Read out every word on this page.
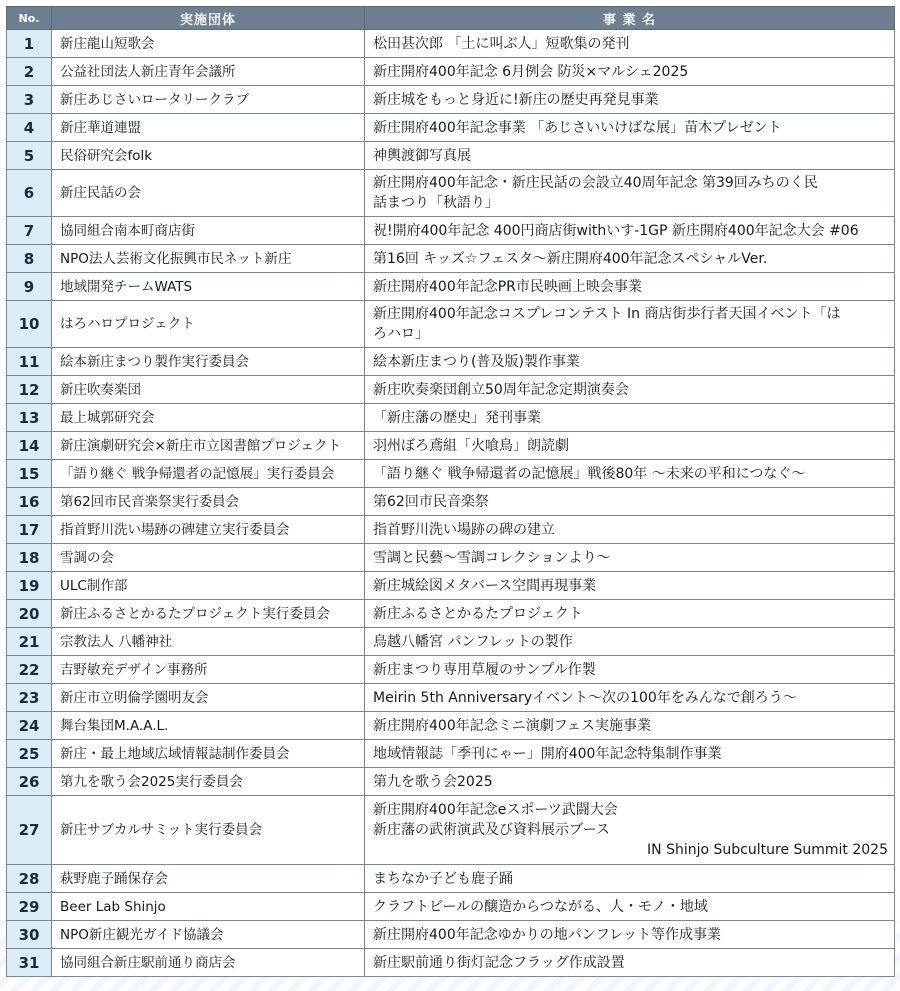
No.	実施団体	事 業 名
1	新庄龍山短歌会	松田甚次郎 「土に叫ぶ人」短歌集の発刊

2	公益社団法人新庄青年会議所	新庄開府400年記念 6月例会 防災×マルシェ2025

3	新庄あじさいロータリークラブ	新庄城をもっと身近に!新庄の歴史再発見事業

4	新庄華道連盟	新庄開府400年記念事業 「あじさいいけばな展」苗木プレゼント

5	民俗研究会folk	神輿渡御写真展

6	新庄民話の会	新庄開府400年記念・新庄民話の会設立40周年記念 第39回みちのく民
話まつり「秋語り」

7	協同組合南本町商店街	祝!開府400年記念 400円商店街withいす-1GP 新庄開府400年記念大会 #06

8	NPO法人芸術文化振興市民ネット新庄	第16回 キッズ☆フェスタ～新庄開府400年記念スペシャルVer.

9	地域開発チームWATS	新庄開府400年記念PR市民映画上映会事業

10	はろハロプロジェクト	新庄開府400年記念コスプレコンテスト In 商店街歩行者天国イベント「は
ろハロ」

11	絵本新庄まつり製作実行委員会	絵本新庄まつり(普及版)製作事業

12	新庄吹奏楽団	新庄吹奏楽団創立50周年記念定期演奏会

13	最上城郭研究会	「新庄藩の歴史」発刊事業

14	新庄演劇研究会×新庄市立図書館プロジェクト	羽州ぼろ鳶組「火喰鳥」朗読劇

15	「語り継ぐ 戦争帰還者の記憶展」実行委員会	「語り継ぐ 戦争帰還者の記憶展」戦後80年 ～未来の平和につなぐ～

16	第62回市民音楽祭実行委員会	第62回市民音楽祭

17	指首野川洗い場跡の碑建立実行委員会	指首野川洗い場跡の碑の建立

18	雪調の会	雪調と民藝～雪調コレクションより～

19	ULC制作部	新庄城絵図メタバース空間再現事業

20	新庄ふるさとかるたプロジェクト実行委員会	新庄ふるさとかるたプロジェクト

21	宗教法人 八幡神社	鳥越八幡宮 パンフレットの製作

22	吉野敏充デザイン事務所	新庄まつり専用草履のサンプル作製

23	新庄市立明倫学園明友会	Meirin 5th Anniversaryイベント～次の100年をみんなで創ろう～

24	舞台集団M.A.A.L.	新庄開府400年記念ミニ演劇フェス実施事業

25	新庄・最上地域広域情報誌制作委員会	地域情報誌「季刊にゃー」開府400年記念特集制作事業

26	第九を歌う会2025実行委員会	第九を歌う会2025

27	新庄サブカルサミット実行委員会	新庄開府400年記念eスポーツ武闘大会
新庄藩の武術演武及び資料展示ブース
IN Shinjo Subculture Summit 2025

28	萩野鹿子踊保存会	まちなか子ども鹿子踊

29	Beer Lab Shinjo	クラフトビールの醸造からつながる、人・モノ・地域

30	NPO新庄観光ガイド協議会	新庄開府400年記念ゆかりの地パンフレット等作成事業

31	協同組合新庄駅前通り商店会	新庄駅前通り街灯記念フラッグ作成設置
